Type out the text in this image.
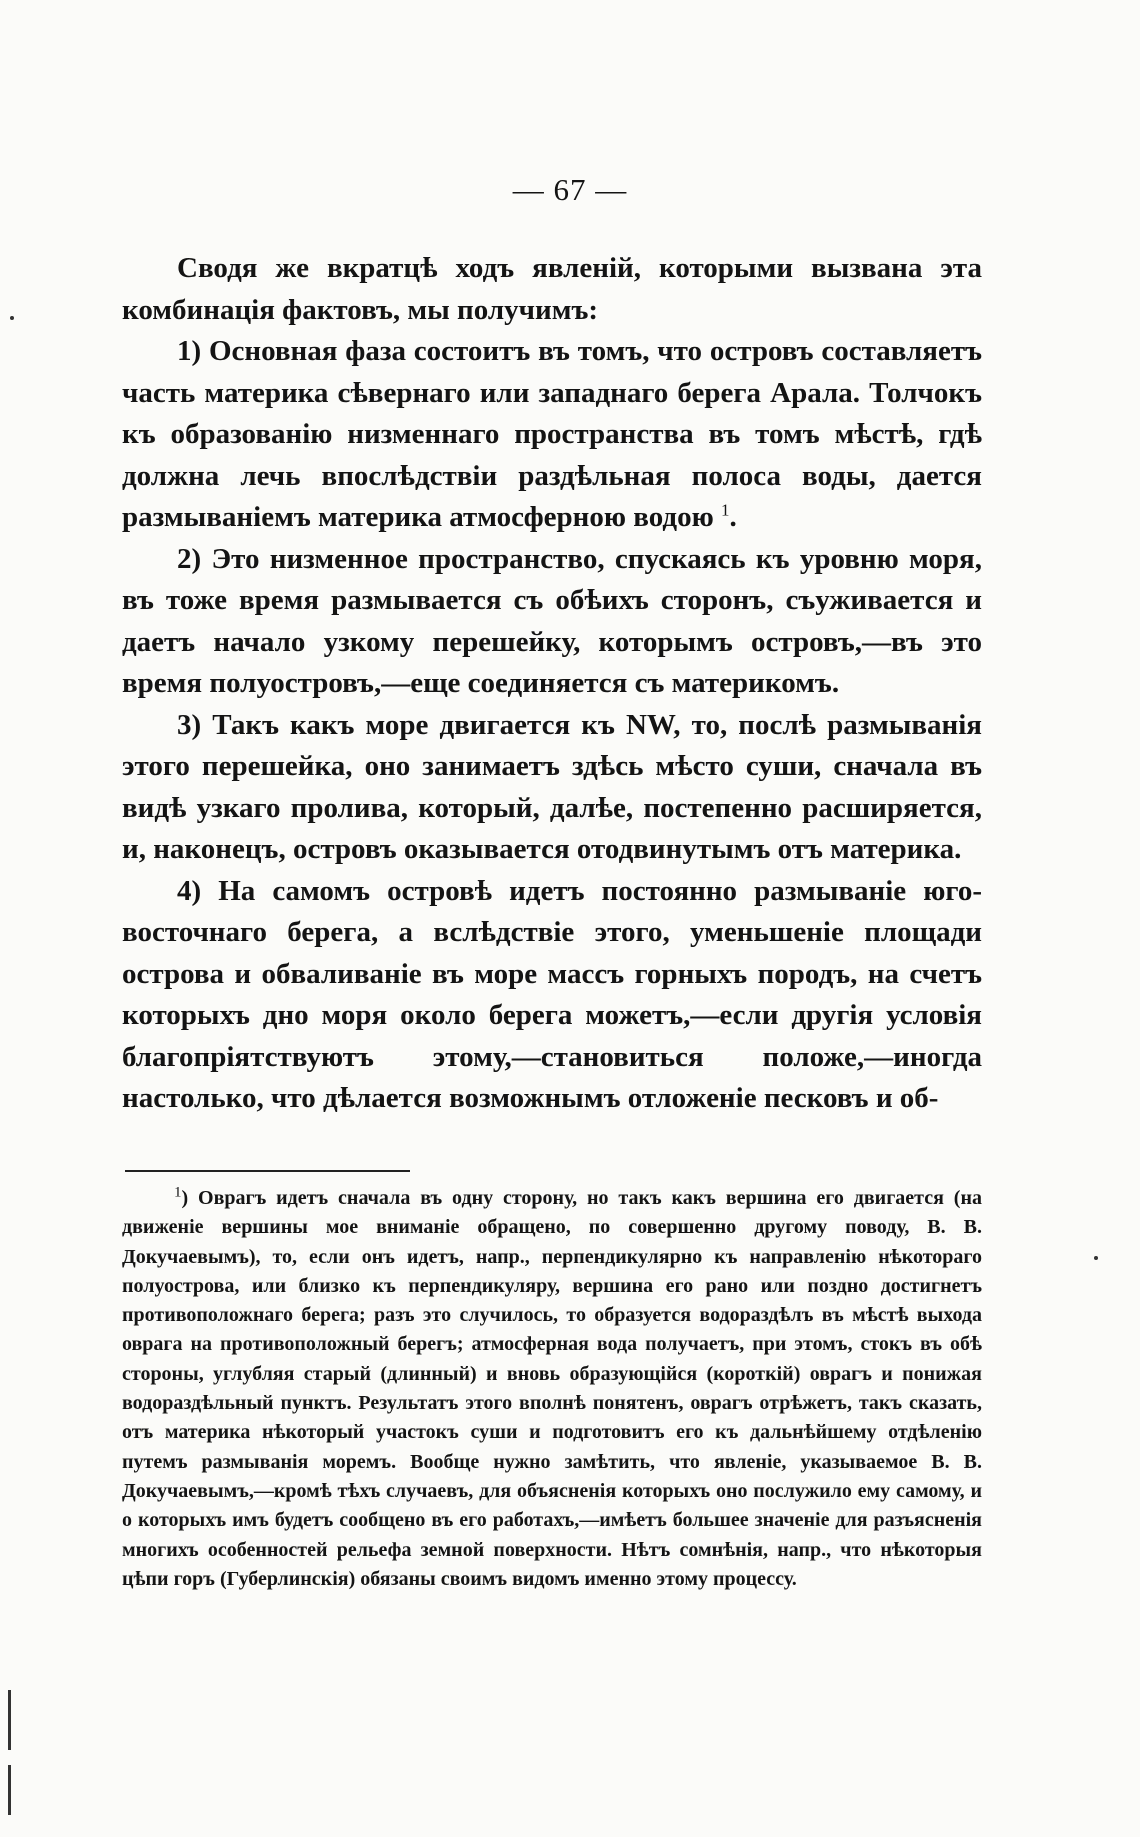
— 67 —

Сводя же вкратцѣ ходъ явленій, которыми вызвана эта комбинація фактовъ, мы получимъ:

1) Основная фаза состоитъ въ томъ, что островъ составляетъ часть материка сѣвернаго или западнаго берега Арала. Толчокъ къ образованію низменнаго пространства въ томъ мѣстѣ, гдѣ должна лечь впослѣдствіи раздѣльная полоса воды, дается размываніемъ материка атмосферною водою $^1$.

2) Это низменное пространство, спускаясь къ уровню моря, въ тоже время размывается съ обѣихъ сторонъ, съуживается и даетъ начало узкому перешейку, которымъ островъ,—въ это время полуостровъ,—еще соединяется съ материкомъ.

3) Такъ какъ море двигается къ NW, то, послѣ размыванія этого перешейка, оно занимаетъ здѣсь мѣсто суши, сначала въ видѣ узкаго пролива, который, далѣе, постепенно расширяется, и, наконецъ, островъ оказывается отодвинутымъ отъ материка.

4) На самомъ островѣ идетъ постоянно размываніе юго-восточнаго берега, а вслѣдствіе этого, уменьшеніе площади острова и обваливаніе въ море массъ горныхъ породъ, на счетъ которыхъ дно моря около берега можетъ,—если другія условія благопріятствуютъ этому,—становиться положе,—иногда настолько, что дѣлается возможнымъ отложеніе песковъ и об-

$^1$) Оврагъ идетъ сначала въ одну сторону, но такъ какъ вершина его двигается (на движеніе вершины мое вниманіе обращено, по совершенно другому поводу, В. В. Докучаевымъ), то, если онъ идетъ, напр., перпендикулярно къ направленію нѣкотораго полуострова, или близко къ перпендикуляру, вершина его рано или поздно достигнетъ противоположнаго берега; разъ это случилось, то образуется водораздѣлъ въ мѣстѣ выхода оврага на противоположный берегъ; атмосферная вода получаетъ, при этомъ, стокъ въ обѣ стороны, углубляя старый (длинный) и вновь образующійся (короткій) оврагъ и понижая водораздѣльный пунктъ. Результатъ этого вполнѣ понятенъ, оврагъ отрѣжетъ, такъ сказать, отъ материка нѣкоторый участокъ суши и подготовитъ его къ дальнѣйшему отдѣленію путемъ размыванія моремъ. Вообще нужно замѣтить, что явленіе, указываемое В. В. Докучаевымъ,—кромѣ тѣхъ случаевъ, для объясненія которыхъ оно послужило ему самому, и о которыхъ имъ будетъ сообщено въ его работахъ,—имѣетъ большее значеніе для разъясненія многихъ особенностей рельефа земной поверхности. Нѣтъ сомнѣнія, напр., что нѣкоторыя цѣпи горъ (Губерлинскія) обязаны своимъ видомъ именно этому процессу.
